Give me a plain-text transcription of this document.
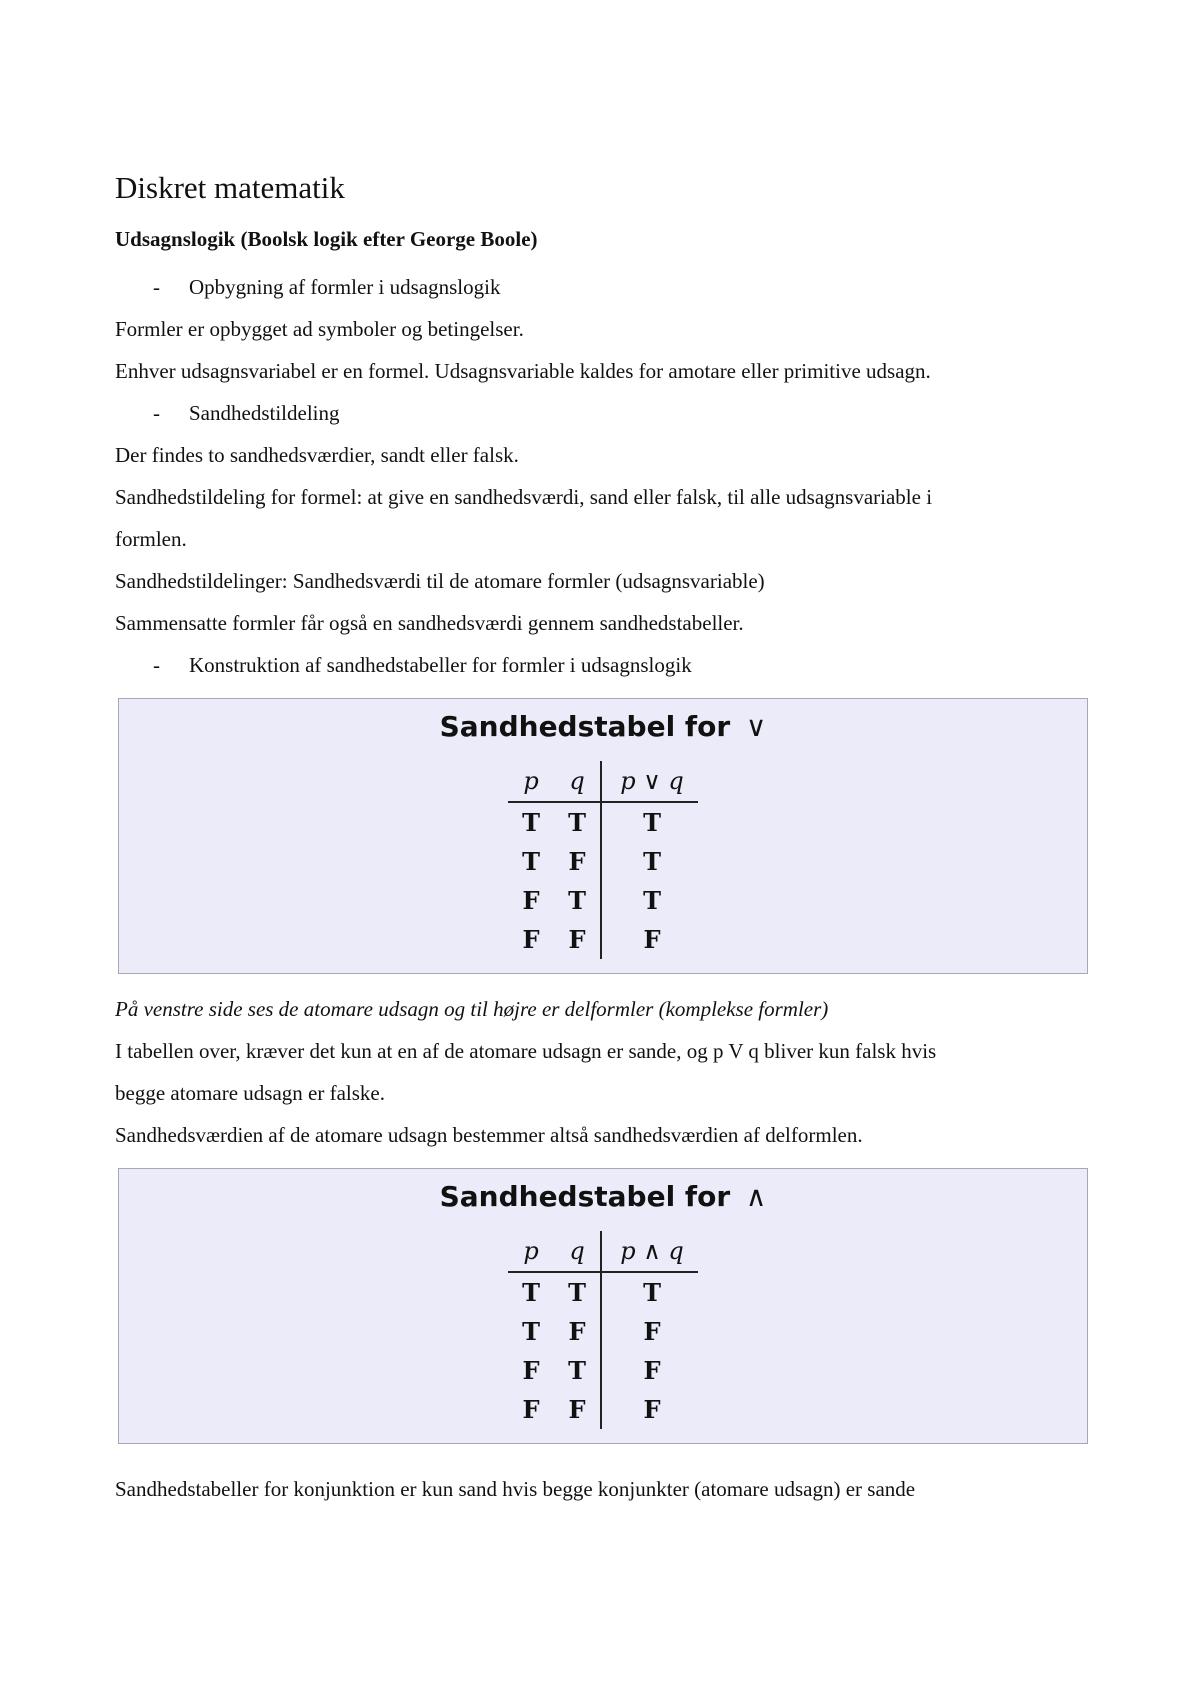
Diskret matematik
Udsagnslogik (Boolsk logik efter George Boole)
- Opbygning af formler i udsagnslogik

Formler er opbygget ad symboler og betingelser.

Enhver udsagnsvariabel er en formel. Udsagnsvariable kaldes for amotare eller primitive udsagn.

- Sandhedstildeling

Der findes to sandhedsværdier, sandt eller falsk.

Sandhedstildeling for formel: at give en sandhedsværdi, sand eller falsk, til alle udsagnsvariable i

formlen.

Sandhedstildelinger: Sandhedsværdi til de atomare formler (udsagnsvariable)

Sammensatte formler får også en sandhedsværdi gennem sandhedstabeller.

- Konstruktion af sandhedstabeller for formler i udsagnslogik
Sandhedstabel for ∨
p	q	p ∨ q
T	T	T
T	F	T
F	T	T
F	F	F

På venstre side ses de atomare udsagn og til højre er delformler (komplekse formler)

I tabellen over, kræver det kun at en af de atomare udsagn er sande, og p V q bliver kun falsk hvis

begge atomare udsagn er falske.

Sandhedsværdien af de atomare udsagn bestemmer altså sandhedsværdien af delformlen.

Sandhedstabel for ∧
p	q	p ∧ q
T	T	T
T	F	F
F	T	F
F	F	F

Sandhedstabeller for konjunktion er kun sand hvis begge konjunkter (atomare udsagn) er sande
